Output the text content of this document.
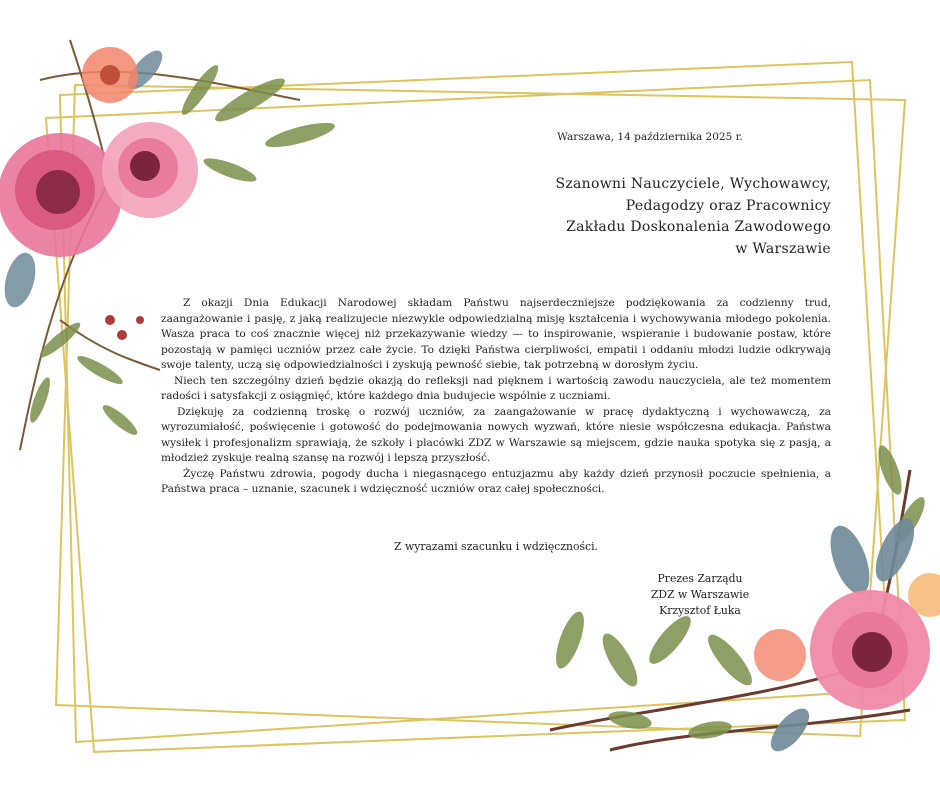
Warszawa, 14 października 2025 r.
Szanowni Nauczyciele, Wychowawcy,
Pedagodzy oraz Pracownicy
Zakładu Doskonalenia Zawodowego
w Warszawie

Z okazji Dnia Edukacji Narodowej składam Państwu najserdeczniejsze podziękowania za codzienny trud, zaangażowanie i pasję, z jaką realizujecie niezwykle odpowiedzialną misję kształcenia i wychowywania młodego pokolenia. Wasza praca to coś znacznie więcej niż przekazywanie wiedzy — to inspirowanie, wspieranie i budowanie postaw, które pozostają w pamięci uczniów przez całe życie. To dzięki Państwa cierpliwości, empatii i oddaniu młodzi ludzie odkrywają swoje talenty, uczą się odpowiedzialności i zyskują pewność siebie, tak potrzebną w dorosłym życiu.

Niech ten szczególny dzień będzie okazją do refleksji nad pięknem i wartością zawodu nauczyciela, ale też momentem radości i satysfakcji z osiągnięć, które każdego dnia budujecie wspólnie z uczniami.

Dziękuję za codzienną troskę o rozwój uczniów, za zaangażowanie w pracę dydaktyczną i wychowawczą, za wyrozumiałość, poświęcenie i gotowość do podejmowania nowych wyzwań, które niesie współczesna edukacja. Państwa wysiłek i profesjonalizm sprawiają, że szkoły i placówki ZDZ w Warszawie są miejscem, gdzie nauka spotyka się z pasją, a młodzież zyskuje realną szansę na rozwój i lepszą przyszłość.

Życzę Państwu zdrowia, pogody ducha i niegasnącego entuzjazmu aby każdy dzień przynosił poczucie spełnienia, a Państwa praca – uznanie, szacunek i wdzięczność uczniów oraz całej społeczności.

Z wyrazami szacunku i wdzięczności.
Prezes Zarządu
ZDZ w Warszawie
Krzysztof Łuka
